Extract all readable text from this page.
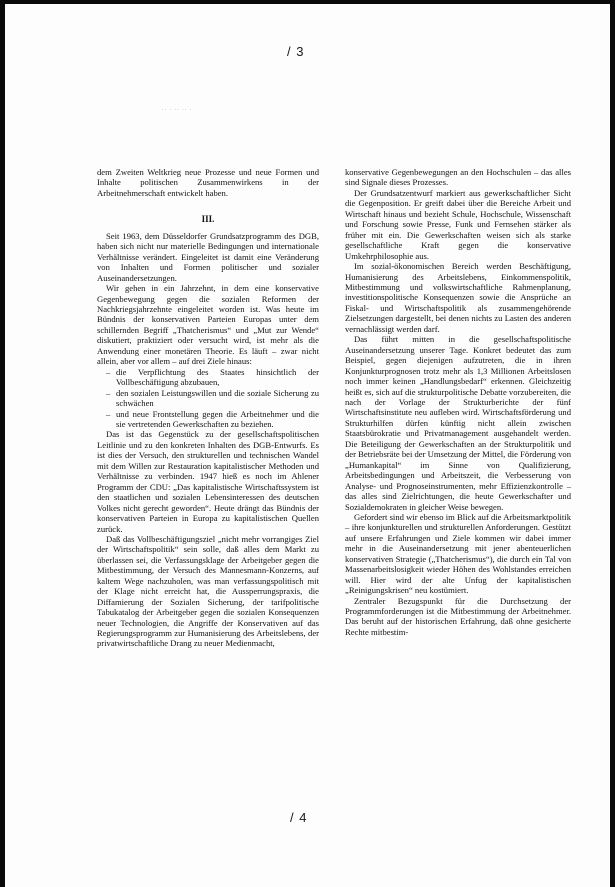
/ 3
·· · ·· ·· ·

dem Zweiten Weltkrieg neue Prozesse und neue Formen und Inhalte politischen Zusammenwirkens in der Arbeitnehmerschaft entwickelt haben.

III.

Seit 1963, dem Düsseldorfer Grundsatzprogramm des DGB, haben sich nicht nur materielle Bedingungen und internationale Verhältnisse verändert. Eingeleitet ist damit eine Veränderung von Inhalten und Formen politischer und sozialer Auseinandersetzungen.

Wir gehen in ein Jahrzehnt, in dem eine konservative Gegenbewegung gegen die sozialen Reformen der Nachkriegsjahrzehnte eingeleitet worden ist. Was heute im Bündnis der konservativen Parteien Europas unter dem schillernden Begriff „Thatcherismus“ und „Mut zur Wende“ diskutiert, praktiziert oder versucht wird, ist mehr als die Anwendung einer monetären Theorie. Es läuft – zwar nicht allein, aber vor allem – auf drei Ziele hinaus:

– die Verpflichtung des Staates hinsichtlich der Vollbeschäftigung abzubauen,
– den sozialen Leistungswillen und die soziale Sicherung zu schwächen
– und neue Frontstellung gegen die Arbeitnehmer und die sie vertretenden Gewerkschaften zu beziehen.

Das ist das Gegenstück zu der gesellschaftspolitischen Leitlinie und zu den konkreten Inhalten des DGB-Entwurfs. Es ist dies der Versuch, den strukturellen und technischen Wandel mit dem Willen zur Restauration kapitalistischer Methoden und Verhältnisse zu verbinden. 1947 hieß es noch im Ahlener Programm der CDU: „Das kapitalistische Wirtschaftssystem ist den staatlichen und sozialen Lebensinteressen des deutschen Volkes nicht gerecht geworden“. Heute drängt das Bündnis der konservativen Parteien in Europa zu kapitalistischen Quellen zurück.

Daß das Vollbeschäftigungsziel „nicht mehr vorrangiges Ziel der Wirtschaftspolitik“ sein solle, daß alles dem Markt zu überlassen sei, die Verfassungsklage der Arbeitgeber gegen die Mitbestimmung, der Versuch des Mannesmann-Konzerns, auf kaltem Wege nachzuholen, was man verfassungspolitisch mit der Klage nicht erreicht hat, die Aussperrungspraxis, die Diffamierung der Sozialen Sicherung, der tarifpolitische Tabukatalog der Arbeitgeber gegen die sozialen Konsequenzen neuer Technologien, die Angriffe der Konservativen auf das Regierungsprogramm zur Humanisierung des Arbeitslebens, der privatwirtschaftliche Drang zu neuer Medienmacht,

konservative Gegenbewegungen an den Hochschulen – das alles sind Signale dieses Prozesses.

Der Grundsatzentwurf markiert aus gewerkschaftlicher Sicht die Gegenposition. Er greift dabei über die Bereiche Arbeit und Wirtschaft hinaus und bezieht Schule, Hochschule, Wissenschaft und Forschung sowie Presse, Funk und Fernsehen stärker als früher mit ein. Die Gewerkschaften weisen sich als starke gesellschaftliche Kraft gegen die konservative Umkehrphilosophie aus.

Im sozial-ökonomischen Bereich werden Beschäftigung, Humanisierung des Arbeitslebens, Einkommenspolitik, Mitbestimmung und volkswirtschaftliche Rahmenplanung, investitionspolitische Konsequenzen sowie die Ansprüche an Fiskal- und Wirtschaftspolitik als zusammengehörende Zielsetzungen dargestellt, bei denen nichts zu Lasten des anderen vernachlässigt werden darf.

Das führt mitten in die gesellschaftspolitische Auseinandersetzung unserer Tage. Konkret bedeutet das zum Beispiel, gegen diejenigen aufzutreten, die in ihren Konjunkturprognosen trotz mehr als 1,3 Millionen Arbeitslosen noch immer keinen „Handlungsbedarf“ erkennen. Gleichzeitig heißt es, sich auf die strukturpolitische Debatte vorzubereiten, die nach der Vorlage der Strukturberichte der fünf Wirtschaftsinstitute neu aufleben wird. Wirtschaftsförderung und Strukturhilfen dürfen künftig nicht allein zwischen Staatsbürokratie und Privatmanagement ausgehandelt werden. Die Beteiligung der Gewerkschaften an der Strukturpolitik und der Betriebsräte bei der Umsetzung der Mittel, die Förderung von „Humankapital“ im Sinne von Qualifizierung, Arbeitsbedingungen und Arbeitszeit, die Verbesserung von Analyse- und Prognoseinstrumenten, mehr Effizienzkontrolle – das alles sind Zielrichtungen, die heute Gewerkschafter und Sozialdemokraten in gleicher Weise bewegen.

Gefordert sind wir ebenso im Blick auf die Arbeitsmarktpolitik – ihre konjunkturellen und strukturellen Anforderungen. Gestützt auf unsere Erfahrungen und Ziele kommen wir dabei immer mehr in die Auseinandersetzung mit jener abenteuerlichen konservativen Strategie („Thatcherismus“), die durch ein Tal von Massenarbeitslosigkeit wieder Höhen des Wohlstandes erreichen will. Hier wird der alte Unfug der kapitalistischen „Reinigungskrisen“ neu kostümiert.

Zentraler Bezugspunkt für die Durchsetzung der Programmforderungen ist die Mitbestimmung der Arbeitnehmer. Das beruht auf der historischen Erfahrung, daß ohne gesicherte Rechte mitbestim-

/ 4
